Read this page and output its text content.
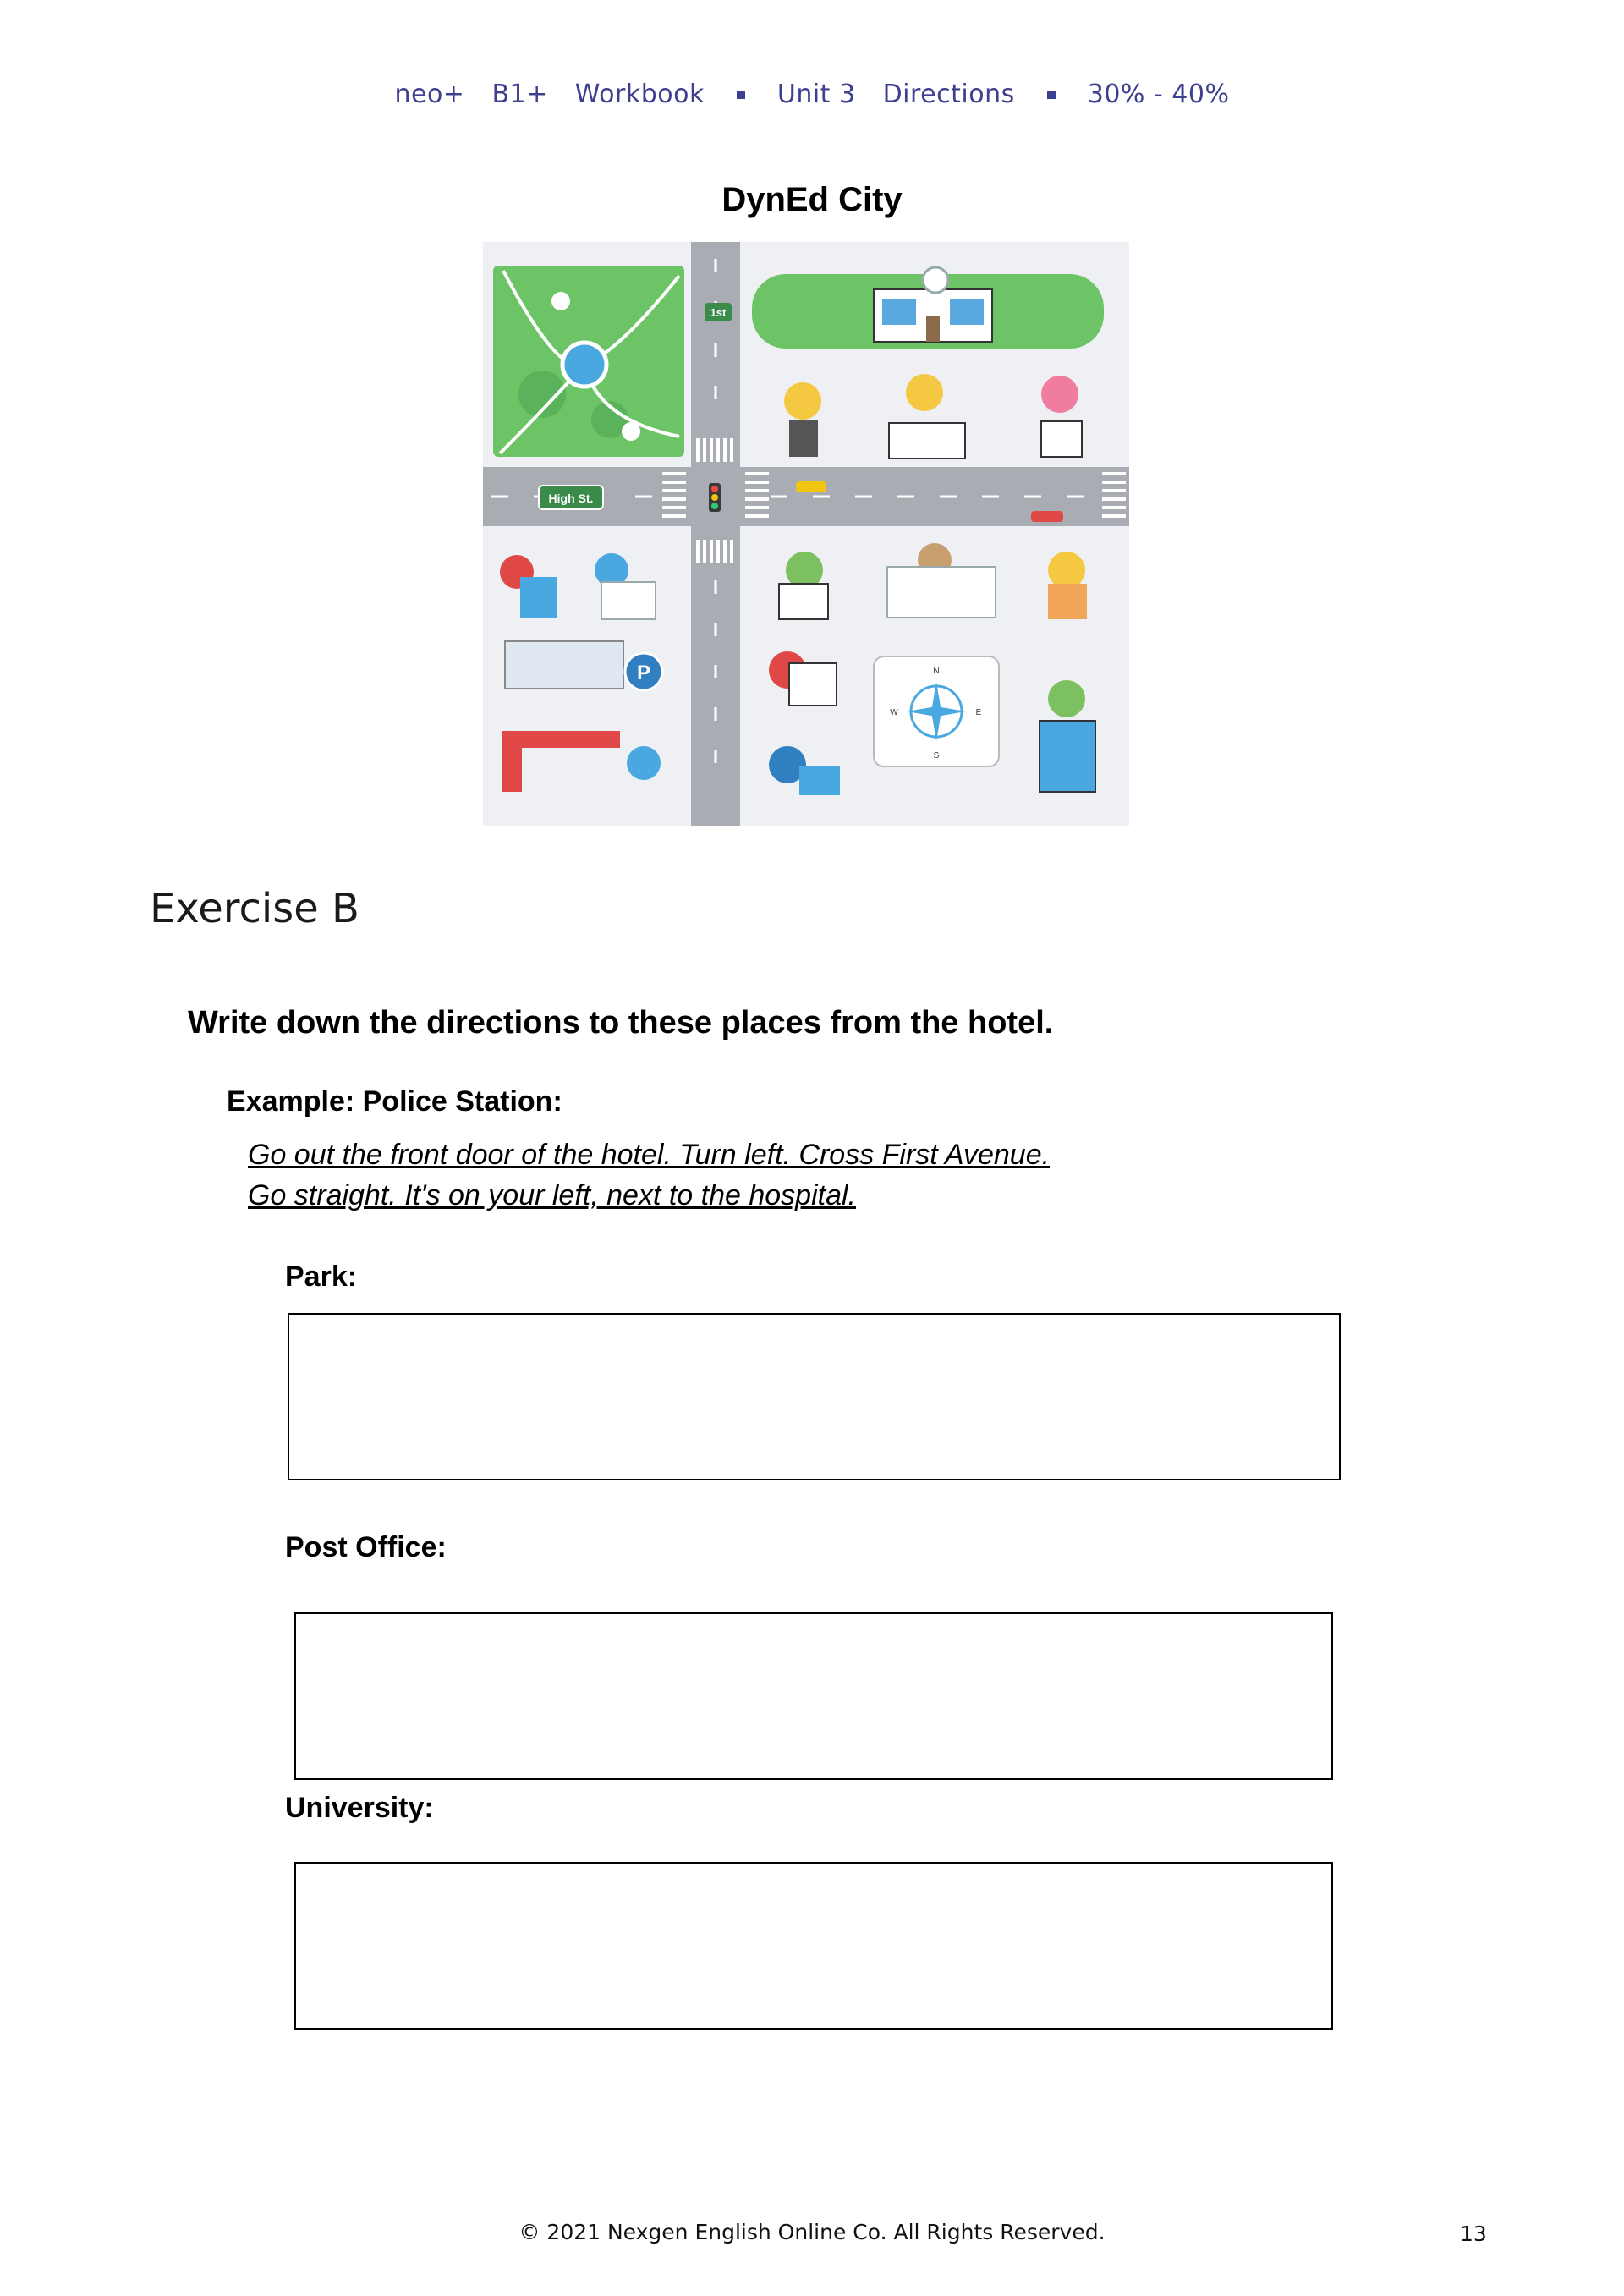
neo+ B1+ Workbook	Unit 3 Directions	30% - 40%
DynEd City
1st
High St.
P	N
S
E
W
Exercise B
Write down the directions to these places from the hotel.
Example: Police Station:
Go out the front door of the hotel. Turn left. Cross First Avenue.
Go straight. It's on your left, next to the hospital.
Park:
Post Office:
University:
© 2021 Nexgen English Online Co. All Rights Reserved.	13
